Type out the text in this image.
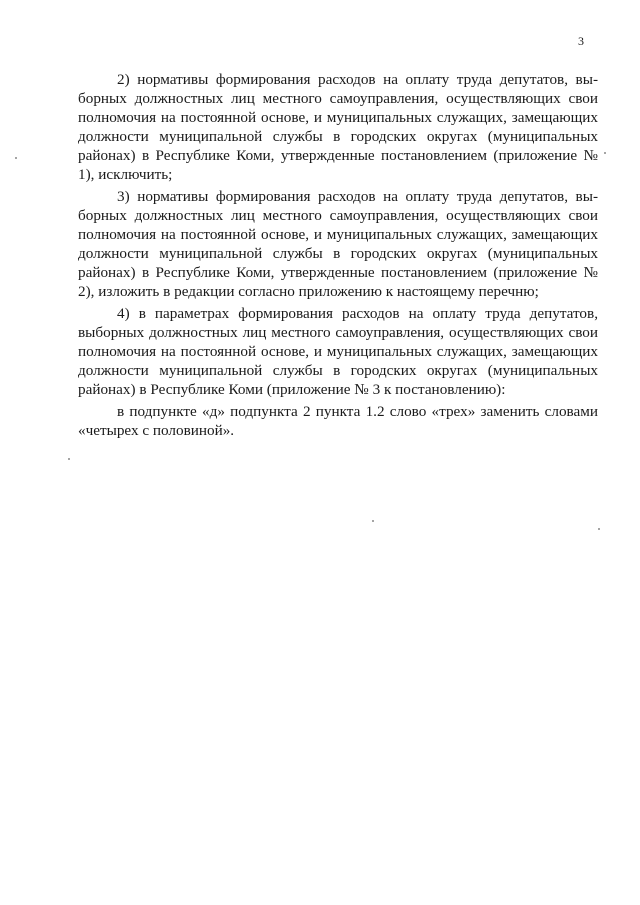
3

2) нормативы формирования расходов на оплату труда депутатов, выборных должностных лиц местного самоуправления, осуществляющих свои полномочия на постоянной основе, и муниципальных служащих, замещающих должности муниципальной службы в городских округах (муниципальных районах) в Республике Коми, утвержденные постановлением (приложение № 1), исключить;

3) нормативы формирования расходов на оплату труда депутатов, выборных должностных лиц местного самоуправления, осуществляющих свои полномочия на постоянной основе, и муниципальных служащих, замещающих должности муниципальной службы в городских округах (муниципальных районах) в Республике Коми, утвержденные постановлением (приложение № 2), изложить в редакции согласно приложению к настоящему перечню;

4) в параметрах формирования расходов на оплату труда депутатов, выборных должностных лиц местного самоуправления, осуществляющих свои полномочия на постоянной основе, и муниципальных служащих, замещающих должности муниципальной службы в городских округах (муниципальных районах) в Республике Коми (приложение № 3 к постановлению):

в подпункте «д» подпункта 2 пункта 1.2 слово «трех» заменить словами «четырех с половиной».
